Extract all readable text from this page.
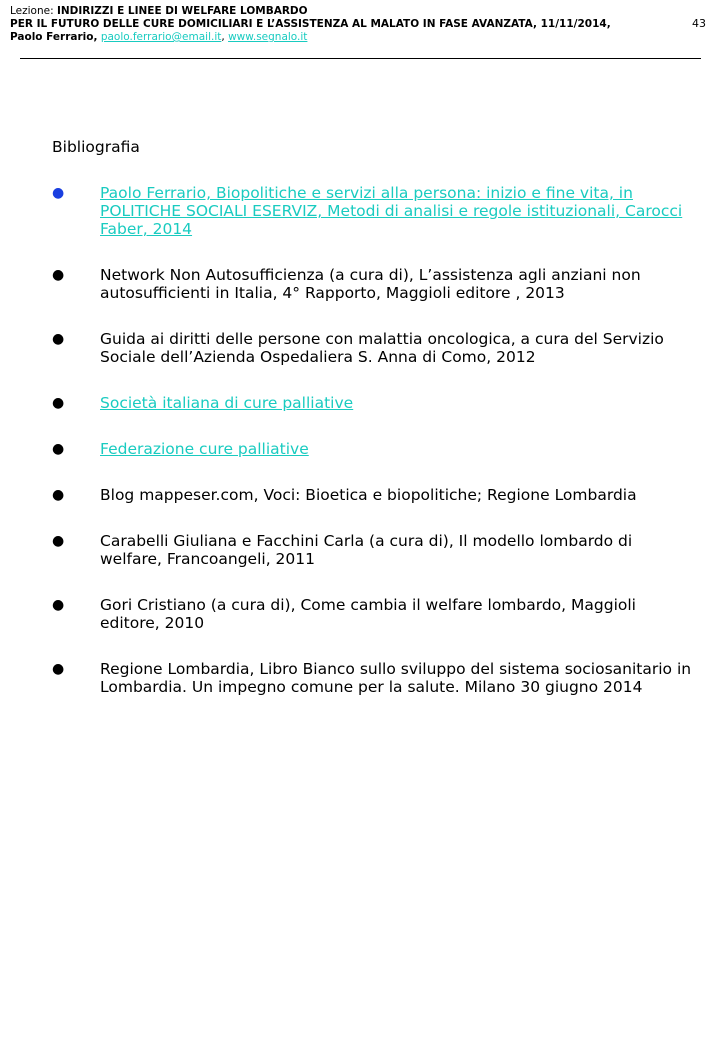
Lezione: INDIRIZZI E LINEE DI WELFARE LOMBARDO
PER IL FUTURO DELLE CURE DOMICILIARI E L’ASSISTENZA AL MALATO IN FASE AVANZATA, 11/11/2014,
Paolo Ferrario, paolo.ferrario@email.it, www.segnalo.it
43
Bibliografia
●	Paolo Ferrario, Biopolitiche e servizi alla persona: inizio e fine vita, in POLITICHE SOCIALI ESERVIZ, Metodi di analisi e regole istituzionali, Carocci Faber, 2014
●	Network Non Autosufficienza (a cura di), L’assistenza agli anziani non autosufficienti in Italia, 4° Rapporto, Maggioli editore , 2013
●	Guida ai diritti delle persone con malattia oncologica, a cura del Servizio Sociale dell’Azienda Ospedaliera S. Anna di Como, 2012
●	Società italiana di cure palliative
●	Federazione cure palliative
●	Blog mappeser.com, Voci: Bioetica e biopolitiche; Regione Lombardia
●	Carabelli Giuliana e Facchini Carla (a cura di), Il modello lombardo di welfare, Francoangeli, 2011
●	Gori Cristiano (a cura di), Come cambia il welfare lombardo, Maggioli editore, 2010
●	Regione Lombardia, Libro Bianco sullo sviluppo del sistema sociosanitario in Lombardia. Un impegno comune per la salute. Milano 30 giugno 2014
